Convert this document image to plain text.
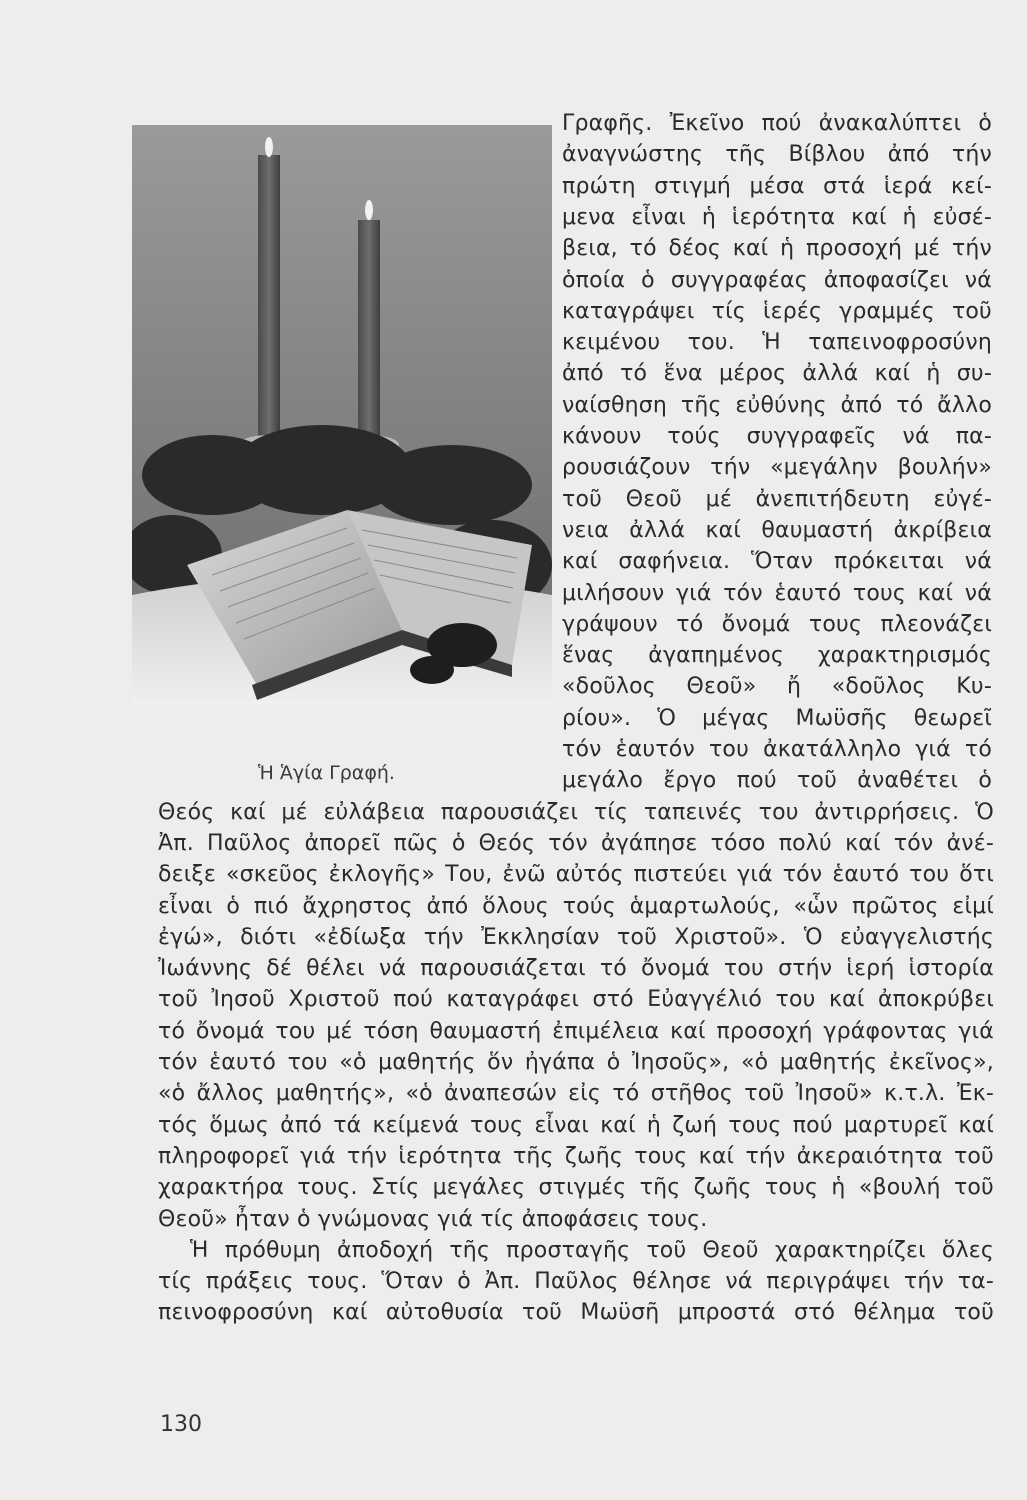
Ἡ Ἁγία Γραφή.
Γραφῆς. Ἐκεῖνο πού ἀνακαλύπτει ὁ
ἀναγνώστης τῆς Βίβλου ἀπό τήν
πρώτη στιγμή μέσα στά ἱερά κεί-
μενα εἶναι ἡ ἱερότητα καί ἡ εὐσέ-
βεια, τό δέος καί ἡ προσοχή μέ τήν
ὁποία ὁ συγγραφέας ἀποφασίζει νά
καταγράψει τίς ἱερές γραμμές τοῦ
κειμένου του. Ἡ ταπεινοφροσύνη
ἀπό τό ἕνα μέρος ἀλλά καί ἡ συ-
ναίσθηση τῆς εὐθύνης ἀπό τό ἄλλο
κάνουν τούς συγγραφεῖς νά πα-
ρουσιάζουν τήν «μεγάλην βουλήν»
τοῦ Θεοῦ μέ ἀνεπιτήδευτη εὐγέ-
νεια ἀλλά καί θαυμαστή ἀκρίβεια
καί σαφήνεια. Ὅταν πρόκειται νά
μιλήσουν γιά τόν ἑαυτό τους καί νά
γράψουν τό ὄνομά τους πλεονάζει
ἕνας ἀγαπημένος χαρακτηρισμός
«δοῦλος Θεοῦ» ἤ «δοῦλος Κυ-
ρίου». Ὁ μέγας Μωϋσῆς θεωρεῖ
τόν ἑαυτόν του ἀκατάλληλο γιά τό
μεγάλο ἔργο πού τοῦ ἀναθέτει ὁ
Θεός καί μέ εὐλάβεια παρουσιάζει τίς ταπεινές του ἀντιρρήσεις. Ὁ
Ἀπ. Παῦλος ἀπορεῖ πῶς ὁ Θεός τόν ἀγάπησε τόσο πολύ καί τόν ἀνέ-
δειξε «σκεῦος ἐκλογῆς» Του, ἐνῶ αὐτός πιστεύει γιά τόν ἑαυτό του ὅτι
εἶναι ὁ πιό ἄχρηστος ἀπό ὅλους τούς ἁμαρτωλούς, «ὧν πρῶτος εἰμί
ἐγώ», διότι «ἐδίωξα τήν Ἐκκλησίαν τοῦ Χριστοῦ». Ὁ εὐαγγελιστής
Ἰωάννης δέ θέλει νά παρουσιάζεται τό ὄνομά του στήν ἱερή ἱστορία
τοῦ Ἰησοῦ Χριστοῦ πού καταγράφει στό Εὐαγγέλιό του καί ἀποκρύβει
τό ὄνομά του μέ τόση θαυμαστή ἐπιμέλεια καί προσοχή γράφοντας γιά
τόν ἑαυτό του «ὁ μαθητής ὅν ἠγάπα ὁ Ἰησοῦς», «ὁ μαθητής ἐκεῖνος»,
«ὁ ἄλλος μαθητής», «ὁ ἀναπεσών εἰς τό στῆθος τοῦ Ἰησοῦ» κ.τ.λ. Ἐκ-
τός ὅμως ἀπό τά κείμενά τους εἶναι καί ἡ ζωή τους πού μαρτυρεῖ καί
πληροφορεῖ γιά τήν ἱερότητα τῆς ζωῆς τους καί τήν ἀκεραιότητα τοῦ
χαρακτήρα τους. Στίς μεγάλες στιγμές τῆς ζωῆς τους ἡ «βουλή τοῦ
Θεοῦ» ἦταν ὁ γνώμονας γιά τίς ἀποφάσεις τους.
Ἡ πρόθυμη ἀποδοχή τῆς προσταγῆς τοῦ Θεοῦ χαρακτηρίζει ὅλες
τίς πράξεις τους. Ὅταν ὁ Ἀπ. Παῦλος θέλησε νά περιγράψει τήν τα-
πεινοφροσύνη καί αὐτοθυσία τοῦ Μωϋσῆ μπροστά στό θέλημα τοῦ
130
